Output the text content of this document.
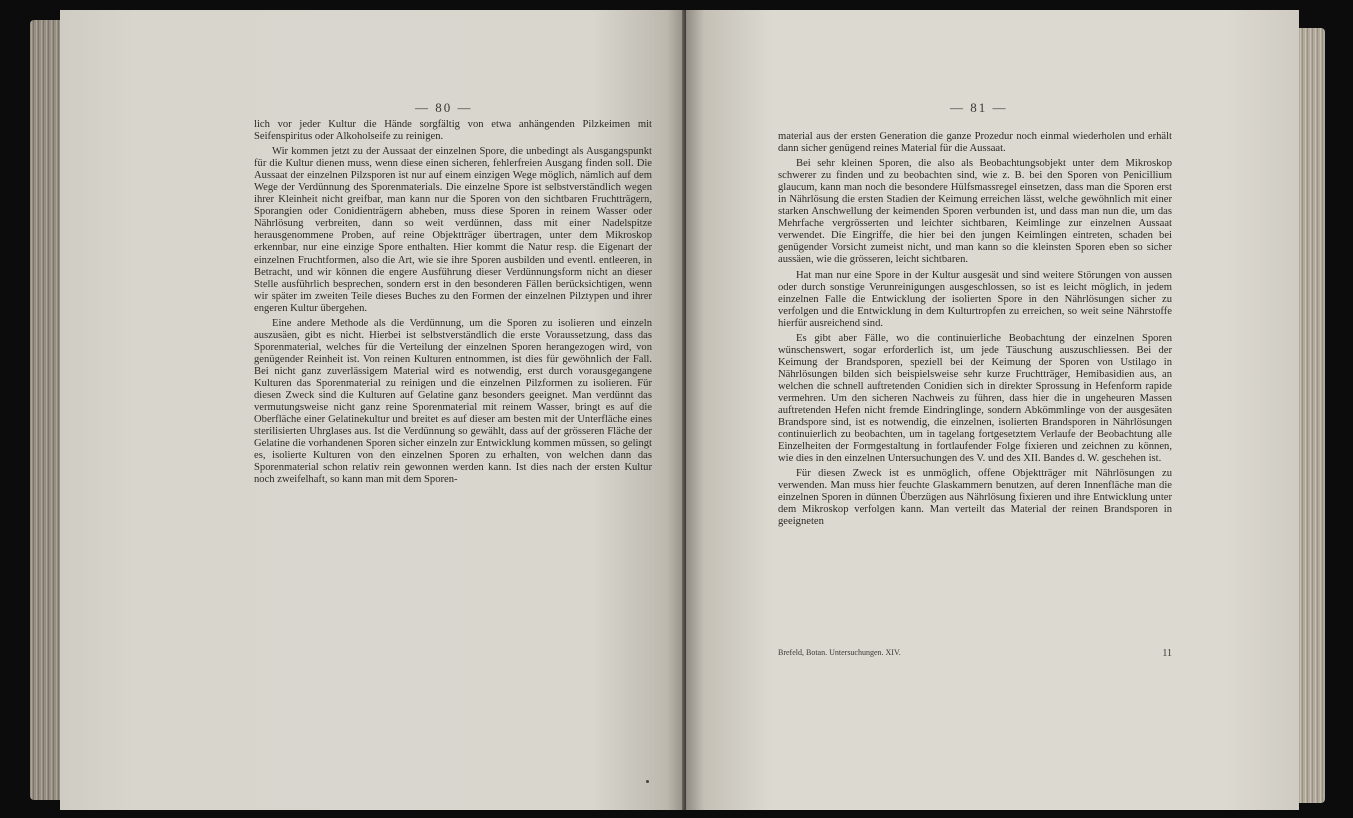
— 80 —

lich vor jeder Kultur die Hände sorgfältig von etwa anhängenden Pilzkeimen mit Seifenspiritus oder Alkoholseife zu reinigen.

Wir kommen jetzt zu der Aussaat der einzelnen Spore, die unbedingt als Ausgangspunkt für die Kultur dienen muss, wenn diese einen sicheren, fehlerfreien Ausgang finden soll. Die Aussaat der einzelnen Pilzsporen ist nur auf einem einzigen Wege möglich, nämlich auf dem Wege der Verdünnung des Sporenmaterials. Die einzelne Spore ist selbstverständlich wegen ihrer Kleinheit nicht greifbar, man kann nur die Sporen von den sichtbaren Fruchtträgern, Sporangien oder Conidienträgern abheben, muss diese Sporen in reinem Wasser oder Nährlösung verbreiten, dann so weit verdünnen, dass mit einer Nadelspitze herausgenommene Proben, auf reine Objektträger übertragen, unter dem Mikroskop erkennbar, nur eine einzige Spore enthalten. Hier kommt die Natur resp. die Eigenart der einzelnen Fruchtformen, also die Art, wie sie ihre Sporen ausbilden und eventl. entleeren, in Betracht, und wir können die engere Ausführung dieser Verdünnungsform nicht an dieser Stelle ausführlich besprechen, sondern erst in den besonderen Fällen berücksichtigen, wenn wir später im zweiten Teile dieses Buches zu den Formen der einzelnen Pilztypen und ihrer engeren Kultur übergehen.

Eine andere Methode als die Verdünnung, um die Sporen zu isolieren und einzeln auszusäen, gibt es nicht. Hierbei ist selbstverständlich die erste Voraussetzung, dass das Sporenmaterial, welches für die Verteilung der einzelnen Sporen herangezogen wird, von genügender Reinheit ist. Von reinen Kulturen entnommen, ist dies für gewöhnlich der Fall. Bei nicht ganz zuverlässigem Material wird es notwendig, erst durch vorausgegangene Kulturen das Sporenmaterial zu reinigen und die einzelnen Pilzformen zu isolieren. Für diesen Zweck sind die Kulturen auf Gelatine ganz besonders geeignet. Man verdünnt das vermutungsweise nicht ganz reine Sporenmaterial mit reinem Wasser, bringt es auf die Oberfläche einer Gelatinekultur und breitet es auf dieser am besten mit der Unterfläche eines sterilisierten Uhrglases aus. Ist die Verdünnung so gewählt, dass auf der grösseren Fläche der Gelatine die vorhandenen Sporen sicher einzeln zur Entwicklung kommen müssen, so gelingt es, isolierte Kulturen von den einzelnen Sporen zu erhalten, von welchen dann das Sporenmaterial schon relativ rein gewonnen werden kann. Ist dies nach der ersten Kultur noch zweifelhaft, so kann man mit dem Sporen-

— 81 —

material aus der ersten Generation die ganze Prozedur noch einmal wiederholen und erhält dann sicher genügend reines Material für die Aussaat.

Bei sehr kleinen Sporen, die also als Beobachtungsobjekt unter dem Mikroskop schwerer zu finden und zu beobachten sind, wie z. B. bei den Sporen von Penicillium glaucum, kann man noch die besondere Hülfsmassregel einsetzen, dass man die Sporen erst in Nährlösung die ersten Stadien der Keimung erreichen lässt, welche gewöhnlich mit einer starken Anschwellung der keimenden Sporen verbunden ist, und dass man nun die, um das Mehrfache vergrösserten und leichter sichtbaren, Keimlinge zur einzelnen Aussaat verwendet. Die Eingriffe, die hier bei den jungen Keimlingen eintreten, schaden bei genügender Vorsicht zumeist nicht, und man kann so die kleinsten Sporen eben so sicher aussäen, wie die grösseren, leicht sichtbaren.

Hat man nur eine Spore in der Kultur ausgesät und sind weitere Störungen von aussen oder durch sonstige Verunreinigungen ausgeschlossen, so ist es leicht möglich, in jedem einzelnen Falle die Entwicklung der isolierten Spore in den Nährlösungen sicher zu verfolgen und die Entwicklung in dem Kulturtropfen zu erreichen, so weit seine Nährstoffe hierfür ausreichend sind.

Es gibt aber Fälle, wo die continuierliche Beobachtung der einzelnen Sporen wünschenswert, sogar erforderlich ist, um jede Täuschung auszuschliessen. Bei der Keimung der Brandsporen, speziell bei der Keimung der Sporen von Ustilago in Nährlösungen bilden sich beispielsweise sehr kurze Fruchtträger, Hemibasidien aus, an welchen die schnell auftretenden Conidien sich in direkter Sprossung in Hefenform rapide vermehren. Um den sicheren Nachweis zu führen, dass hier die in ungeheuren Massen auftretenden Hefen nicht fremde Eindringlinge, sondern Abkömmlinge von der ausgesäten Brandspore sind, ist es notwendig, die einzelnen, isolierten Brandsporen in Nährlösungen continuierlich zu beobachten, um in tagelang fortgesetztem Verlaufe der Beobachtung alle Einzelheiten der Formgestaltung in fortlaufender Folge fixieren und zeichnen zu können, wie dies in den einzelnen Untersuchungen des V. und des XII. Bandes d. W. geschehen ist.

Für diesen Zweck ist es unmöglich, offene Objektträger mit Nährlösungen zu verwenden. Man muss hier feuchte Glaskammern benutzen, auf deren Innenfläche man die einzelnen Sporen in dünnen Überzügen aus Nährlösung fixieren und ihre Entwicklung unter dem Mikroskop verfolgen kann. Man verteilt das Material der reinen Brandsporen in geeigneten

Brefeld, Botan. Untersuchungen. XIV.	11
